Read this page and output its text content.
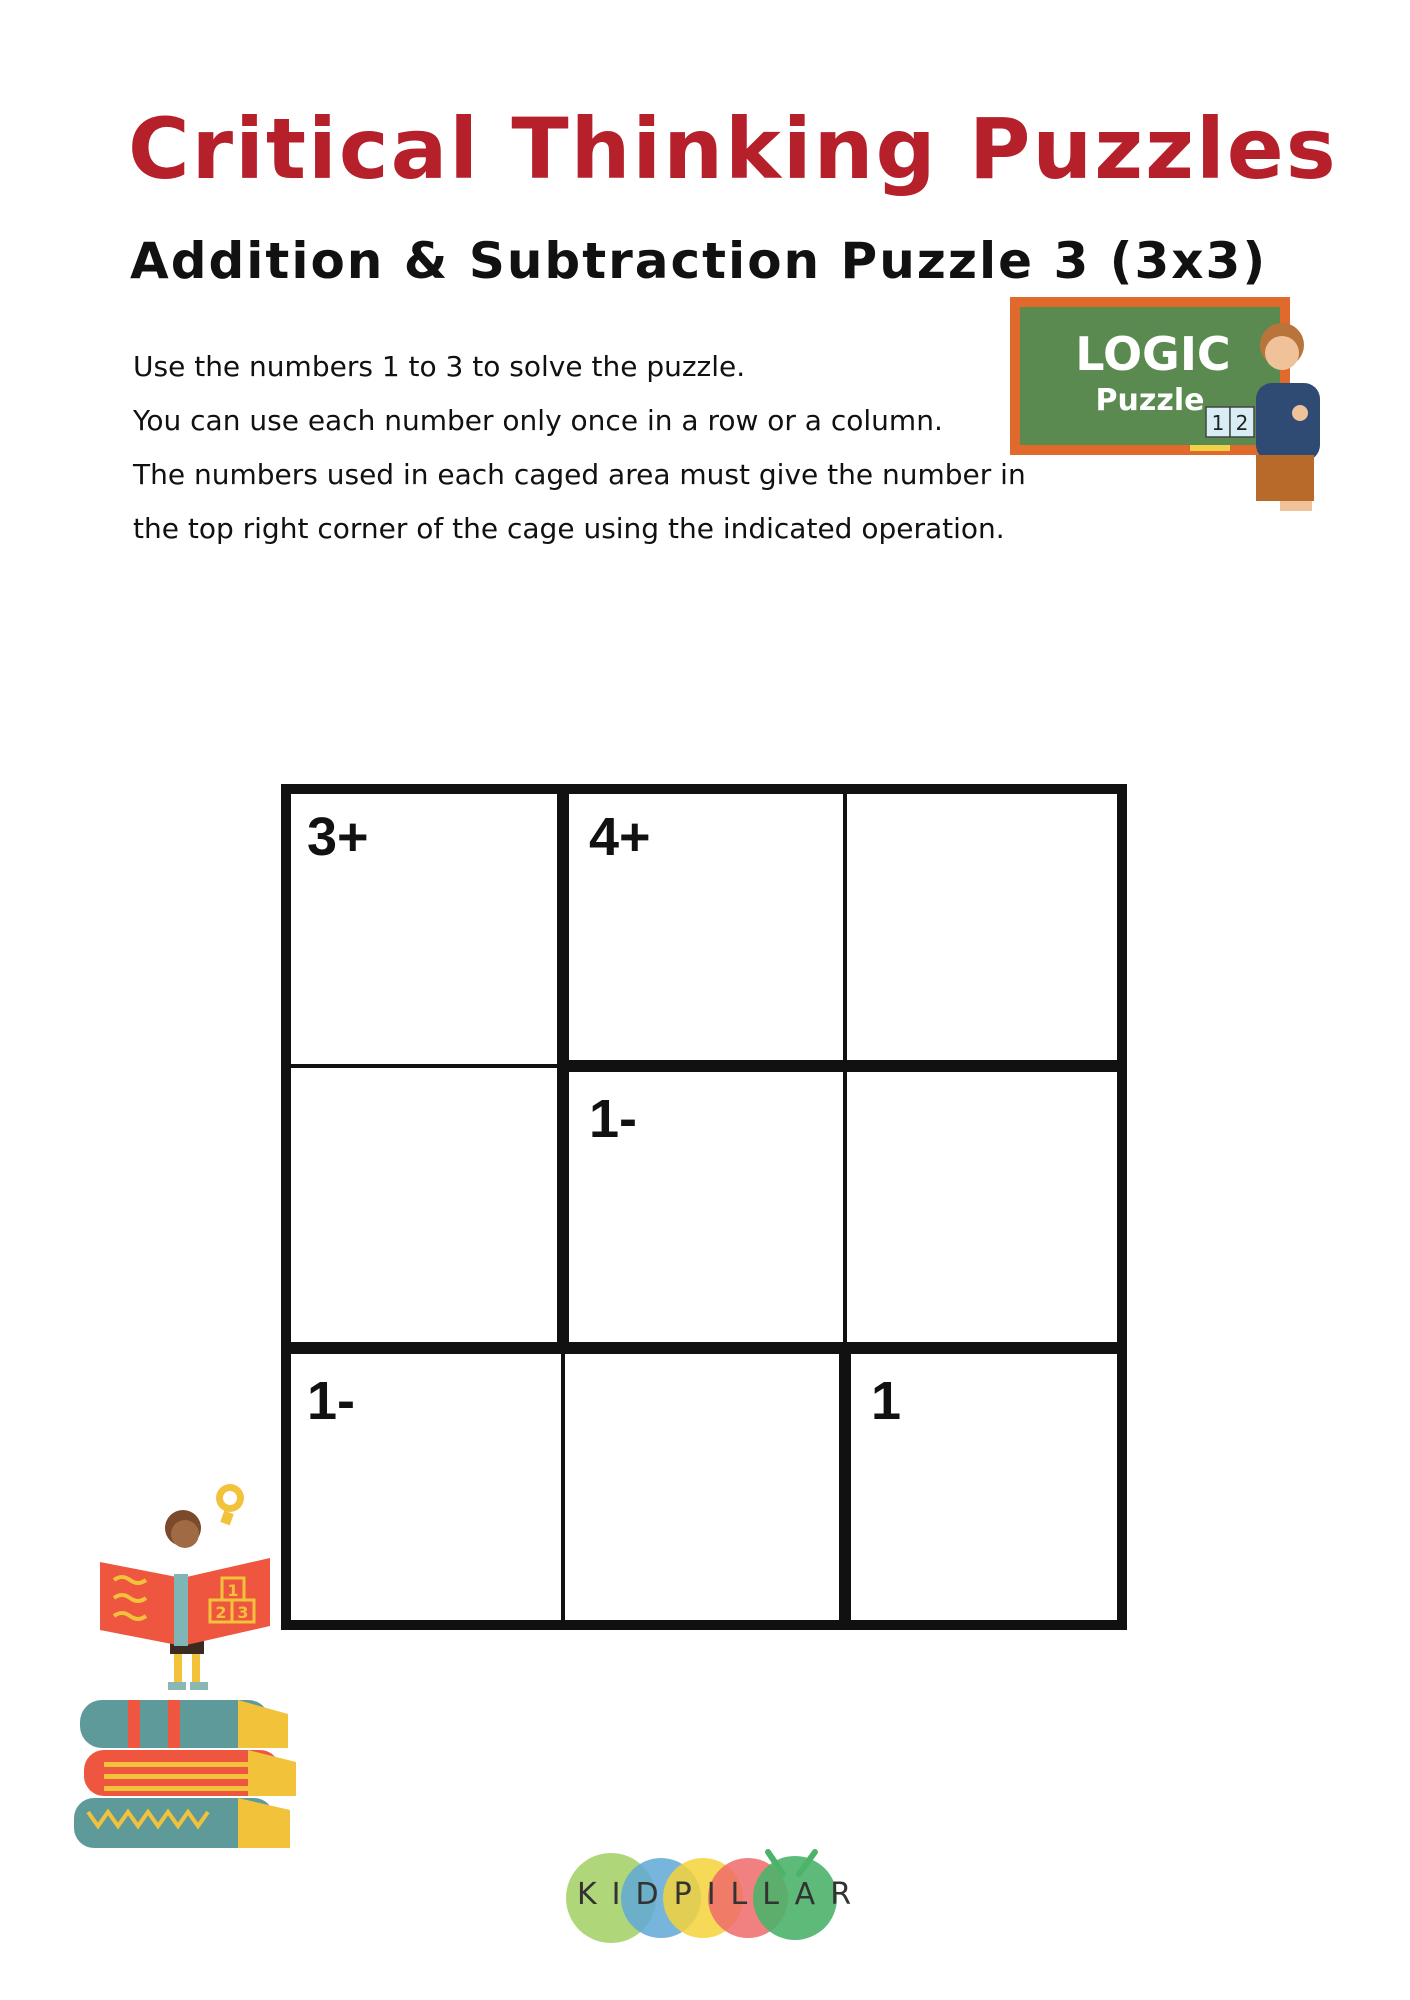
Critical Thinking Puzzles
Addition & Subtraction Puzzle 3 (3x3)

Use the numbers 1 to 3 to solve the puzzle.

You can use each number only once in a row or a column.

The numbers used in each caged area must give the number in

the top right corner of the cage using the indicated operation.

LOGIC
Puzzle
1 2
3+	4+
1-
1-	1
1
2 3
KIDPILLAR
